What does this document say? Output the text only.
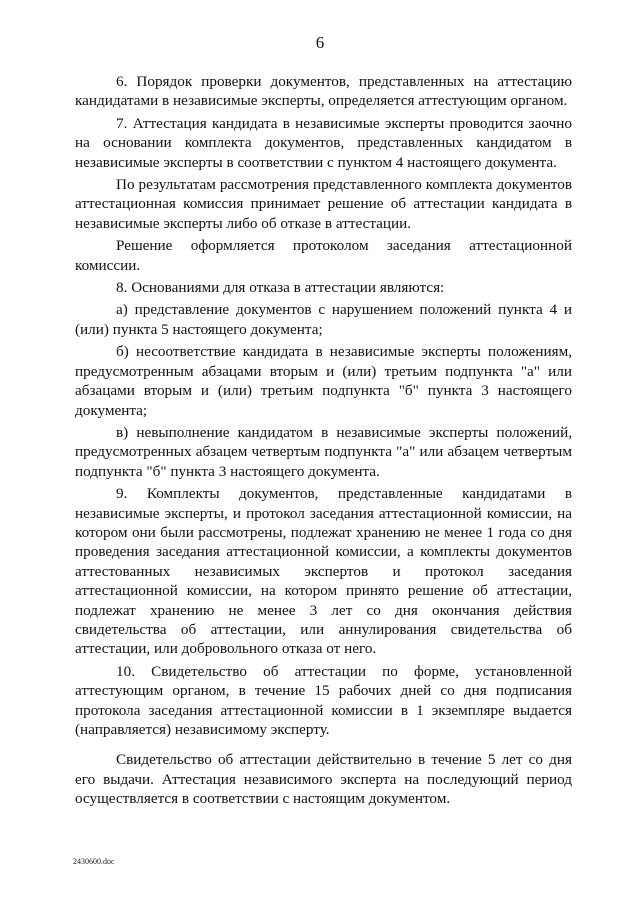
6

6. Порядок проверки документов, представленных на аттестацию кандидатами в независимые эксперты, определяется аттестующим органом.

7. Аттестация кандидата в независимые эксперты проводится заочно на основании комплекта документов, представленных кандидатом в независимые эксперты в соответствии с пунктом 4 настоящего документа.

По результатам рассмотрения представленного комплекта документов аттестационная комиссия принимает решение об аттестации кандидата в независимые эксперты либо об отказе в аттестации.

Решение оформляется протоколом заседания аттестационной комиссии.

8. Основаниями для отказа в аттестации являются:

а) представление документов с нарушением положений пункта 4 и (или) пункта 5 настоящего документа;

б) несоответствие кандидата в независимые эксперты положениям, предусмотренным абзацами вторым и (или) третьим подпункта "а" или абзацами вторым и (или) третьим подпункта "б" пункта 3 настоящего документа;

в) невыполнение кандидатом в независимые эксперты положений, предусмотренных абзацем четвертым подпункта "а" или абзацем четвертым подпункта "б" пункта 3 настоящего документа.

9. Комплекты документов, представленные кандидатами в независимые эксперты, и протокол заседания аттестационной комиссии, на котором они были рассмотрены, подлежат хранению не менее 1 года со дня проведения заседания аттестационной комиссии, а комплекты документов аттестованных независимых экспертов и протокол заседания аттестационной комиссии, на котором принято решение об аттестации, подлежат хранению не менее 3 лет со дня окончания действия свидетельства об аттестации, или аннулирования свидетельства об аттестации, или добровольного отказа от него.

10. Свидетельство об аттестации по форме, установленной аттестующим органом, в течение 15 рабочих дней со дня подписания протокола заседания аттестационной комиссии в 1 экземпляре выдается (направляется) независимому эксперту.

Свидетельство об аттестации действительно в течение 5 лет со дня его выдачи. Аттестация независимого эксперта на последующий период осуществляется в соответствии с настоящим документом.

2430600.doc
